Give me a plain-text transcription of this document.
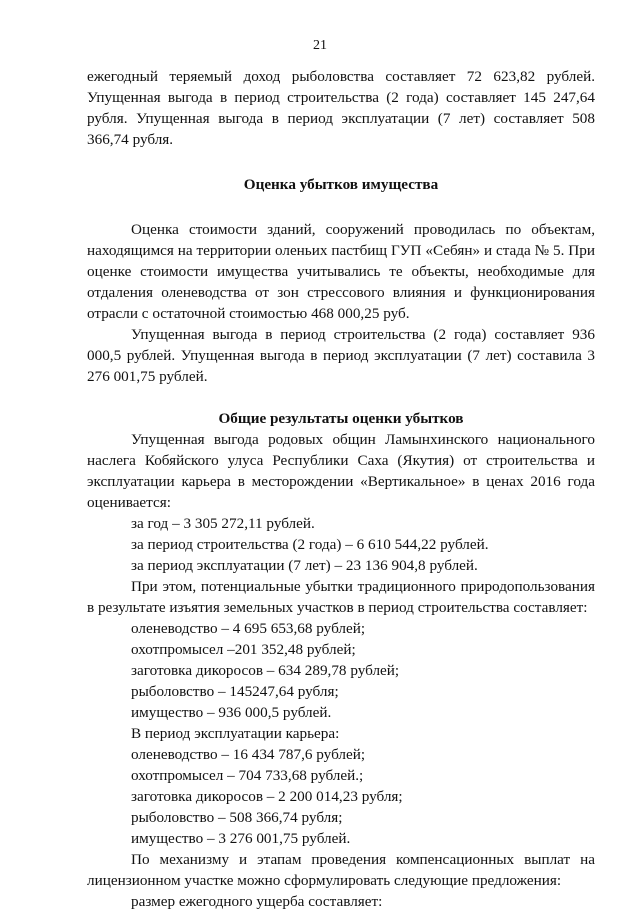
21

ежегодный теряемый доход рыболовства составляет 72 623,82 рублей. Упущенная выгода в период строительства (2 года) составляет 145 247,64 рубля. Упущенная выгода в период эксплуатации (7 лет) составляет 508 366,74 рубля.

Оценка убытков имущества

Оценка стоимости зданий, сооружений проводилась по объектам, находящимся на территории оленьих пастбищ ГУП «Себян» и стада № 5. При оценке стоимости имущества учитывались те объекты, необходимые для отдаления оленеводства от зон стрессового влияния и функционирования отрасли с остаточной стоимостью 468 000,25 руб.

Упущенная выгода в период строительства (2 года) составляет 936 000,5 рублей. Упущенная выгода в период эксплуатации (7 лет) составила 3 276 001,75 рублей.

Общие результаты оценки убытков

Упущенная выгода родовых общин Ламынхинского национального наслега Кобяйского улуса Республики Саха (Якутия) от строительства и эксплуатации карьера в месторождении «Вертикальное» в ценах 2016 года оценивается:

за год – 3 305 272,11 рублей.

за период строительства (2 года) – 6 610 544,22 рублей.

за период эксплуатации (7 лет) – 23 136 904,8 рублей.

При этом, потенциальные убытки традиционного природопользования в результате изъятия земельных участков в период строительства составляет:

оленеводство – 4 695 653,68 рублей;

охотпромысел –201 352,48 рублей;

заготовка дикоросов – 634 289,78 рублей;

рыболовство – 145247,64 рубля;

имущество – 936 000,5 рублей.

В период эксплуатации карьера:

оленеводство – 16 434 787,6 рублей;

охотпромысел – 704 733,68 рублей.;

заготовка дикоросов – 2 200 014,23 рубля;

рыболовство – 508 366,74 рубля;

имущество – 3 276 001,75 рублей.

По механизму и этапам проведения компенсационных выплат на лицензионном участке можно сформулировать следующие предложения:

размер ежегодного ущерба составляет:
